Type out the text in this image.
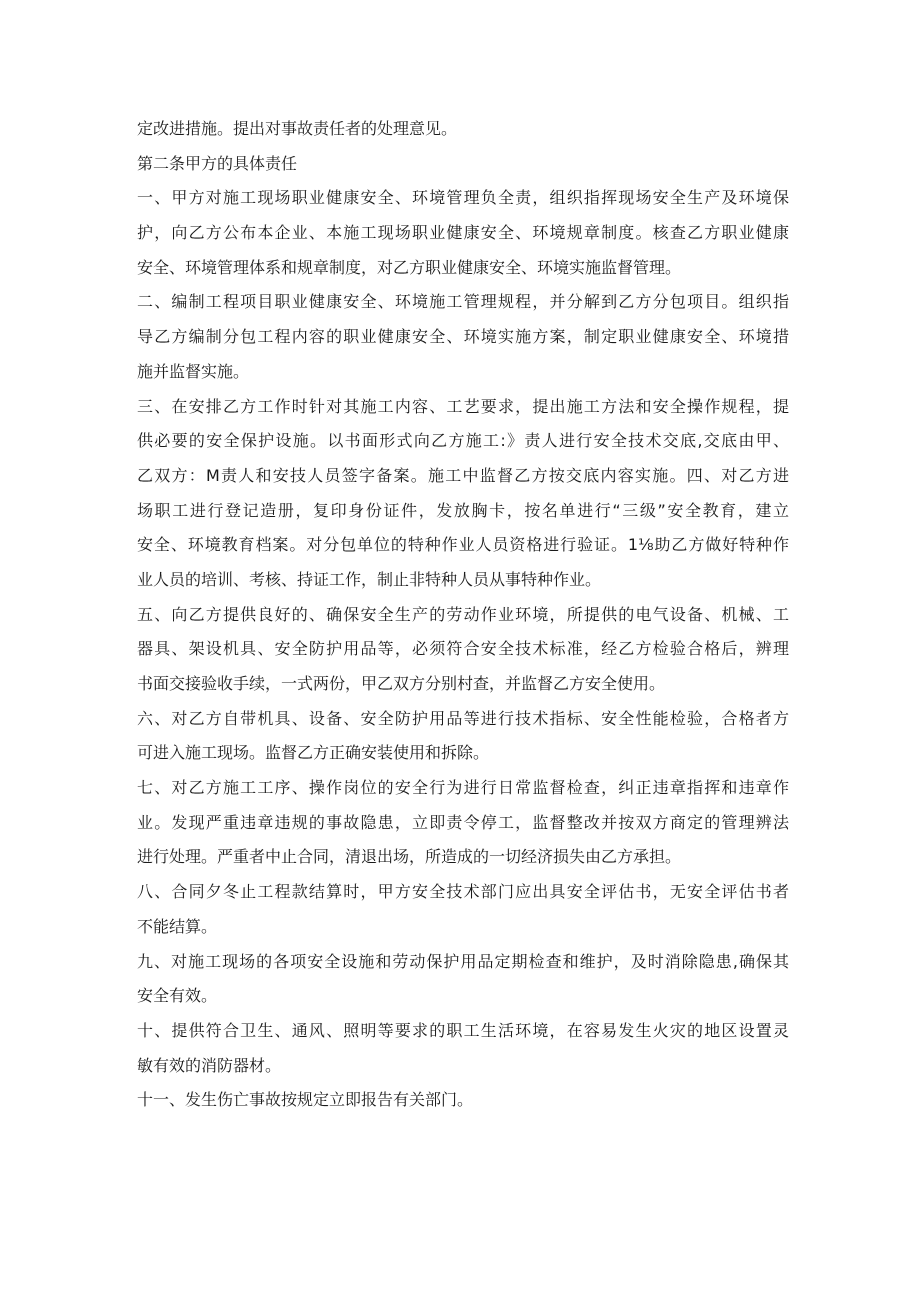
定改进措施。提出对事故责任者的处理意见。
第二条甲方的具体责任
一、甲方对施工现场职业健康安全、环境管理负全责，组织指挥现场安全生产及环境保
护，向乙方公布本企业、本施工现场职业健康安全、环境规章制度。核查乙方职业健康
安全、环境管理体系和规章制度，对乙方职业健康安全、环境实施监督管理。
二、编制工程项目职业健康安全、环境施工管理规程，并分解到乙方分包项目。组织指
导乙方编制分包工程内容的职业健康安全、环境实施方案，制定职业健康安全、环境措
施并监督实施。
三、在安排乙方工作时针对其施工内容、工艺要求，提出施工方法和安全操作规程，提
供必要的安全保护设施。以书面形式向乙方施工:》责人进行安全技术交底,交底由甲、
乙双方：M责人和安技人员签字备案。施工中监督乙方按交底内容实施。四、对乙方进
场职工进行登记造册，复印身份证件，发放胸卡，按名单进行“三级”安全教育，建立
安全、环境教育档案。对分包单位的特种作业人员资格进行验证。1⅛助乙方做好特种作
业人员的培训、考核、持证工作，制止非特种人员从事特种作业。
五、向乙方提供良好的、确保安全生产的劳动作业环境，所提供的电气设备、机械、工
器具、架设机具、安全防护用品等，必须符合安全技术标准，经乙方检验合格后，辨理
书面交接验收手续，一式两份，甲乙双方分别村查，并监督乙方安全使用。
六、对乙方自带机具、设备、安全防护用品等进行技术指标、安全性能检验，合格者方
可进入施工现场。监督乙方正确安装使用和拆除。
七、对乙方施工工序、操作岗位的安全行为进行日常监督检查，纠正违章指挥和违章作
业。发现严重违章违规的事故隐患，立即责令停工，监督整改并按双方商定的管理辨法
进行处理。严重者中止合同，清退出场，所造成的一切经济损失由乙方承担。
八、合同夕冬止工程款结算时，甲方安全技术部门应出具安全评估书，无安全评估书者
不能结算。
九、对施工现场的各项安全设施和劳动保护用品定期检查和维护，及时消除隐患,确保其
安全有效。
十、提供符合卫生、通风、照明等要求的职工生活环境，在容易发生火灾的地区设置灵
敏有效的消防器材。
十一、发生伤亡事故按规定立即报告有关部门。
